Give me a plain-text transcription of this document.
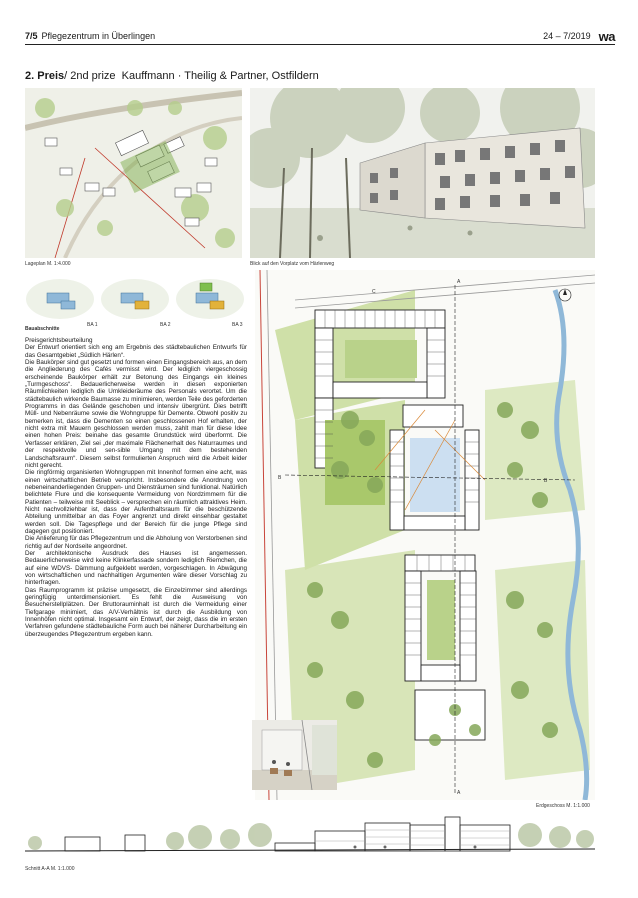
7/5 Pflegezentrum in Überlingen	24 – 7/2019 wa
2. Preis/ 2nd prize Kauffmann · Theilig & Partner, Ostfildern
Lageplan M. 1:4.000	Blick auf den Vorplatz vom Härlenweg
BA 1	BA 2	BA 3
Bauabschnitte

Preisgerichtsbeurteilung

Der Entwurf orientiert sich eng am Ergebnis des städtebaulichen Entwurfs für das Gesamtgebiet „Südlich Härlen“.

Die Baukörper sind gut gesetzt und formen einen Eingangsbereich aus, an dem die Angliederung des Cafés vermisst wird. Der lediglich viergeschossig erscheinende Baukörper erhält zur Betonung des Eingangs ein kleines „Turmgeschoss“. Bedauerlicherweise werden in diesen exponierten Räumlichkeiten lediglich die Umkleideräume des Personals verortet. Um die städtebaulich wirkende Baumasse zu minimieren, werden Teile des geforderten Programms in das Gelände geschoben und intensiv übergrünt. Dies betrifft Müll- und Nebenräume sowie die Wohngruppe für Demente. Obwohl positiv zu bemerken ist, dass die Dementen so einen geschlossenen Hof erhalten, der nicht extra mit Mauern geschlossen werden muss, zahlt man für diese Idee einen hohen Preis: beinahe das gesamte Grundstück wird überformt. Die Verfasser erklären, Ziel sei „der maximale Flächenerhalt des Naturraumes und der respektvolle und sen-sible Umgang mit dem bestehenden Landschaftsraum“. Diesem selbst formulierten Anspruch wird die Arbeit leider nicht gerecht.

Die ringförmig organisierten Wohngruppen mit Innenhof formen eine acht, was einen wirtschaftlichen Betrieb verspricht. Insbesondere die Anordnung von nebeneinanderliegenden Gruppen- und Diensträumen sind funktional. Natürlich belichtete Flure und die konsequente Vermeidung von Nordzimmern für die Patienten – teilweise mit Seeblick – versprechen ein räumlich attraktives Heim. Nicht nachvollziehbar ist, dass der Aufenthaltsraum für die beschützende Abteilung unmittelbar an das Foyer angrenzt und direkt einsehbar gestaltet werden soll. Die Tagespflege und der Bereich für die junge Pflege sind dagegen gut positioniert.

Die Anlieferung für das Pflegezentrum und die Abholung von Verstorbenen sind richtig auf der Nordseite angeordnet.

Der architektonische Ausdruck des Hauses ist angemessen. Bedauerlicherweise wird keine Klinkerfassade sondern lediglich Riemchen, die auf eine WDVS- Dämmung aufgeklebt werden, vorgeschlagen. In Abwägung von wirtschaftlichen und nachhaltigen Argumenten wäre dieser Vorschlag zu hinterfragen.

Das Raumprogramm ist präzise umgesetzt, die Einzelzimmer sind allerdings geringfügig unterdimensioniert. Es fehlt die Ausweisung von Besucherstellplätzen. Der Bruttorauminhalt ist durch die Vermeidung einer Tiefgarage minimiert, das A/V-Verhältnis ist durch die Ausbildung von Innenhöfen nicht optimal. Insgesamt ein Entwurf, der zeigt, dass die im ersten Verfahren gefundene städtebauliche Form auch bei näherer Durcharbeitung ein überzeugendes Pflegezentrum ergeben kann.

A
C
B	B
A
Erdgeschoss M. 1:1.000
Schnitt A-A M. 1:1.000
